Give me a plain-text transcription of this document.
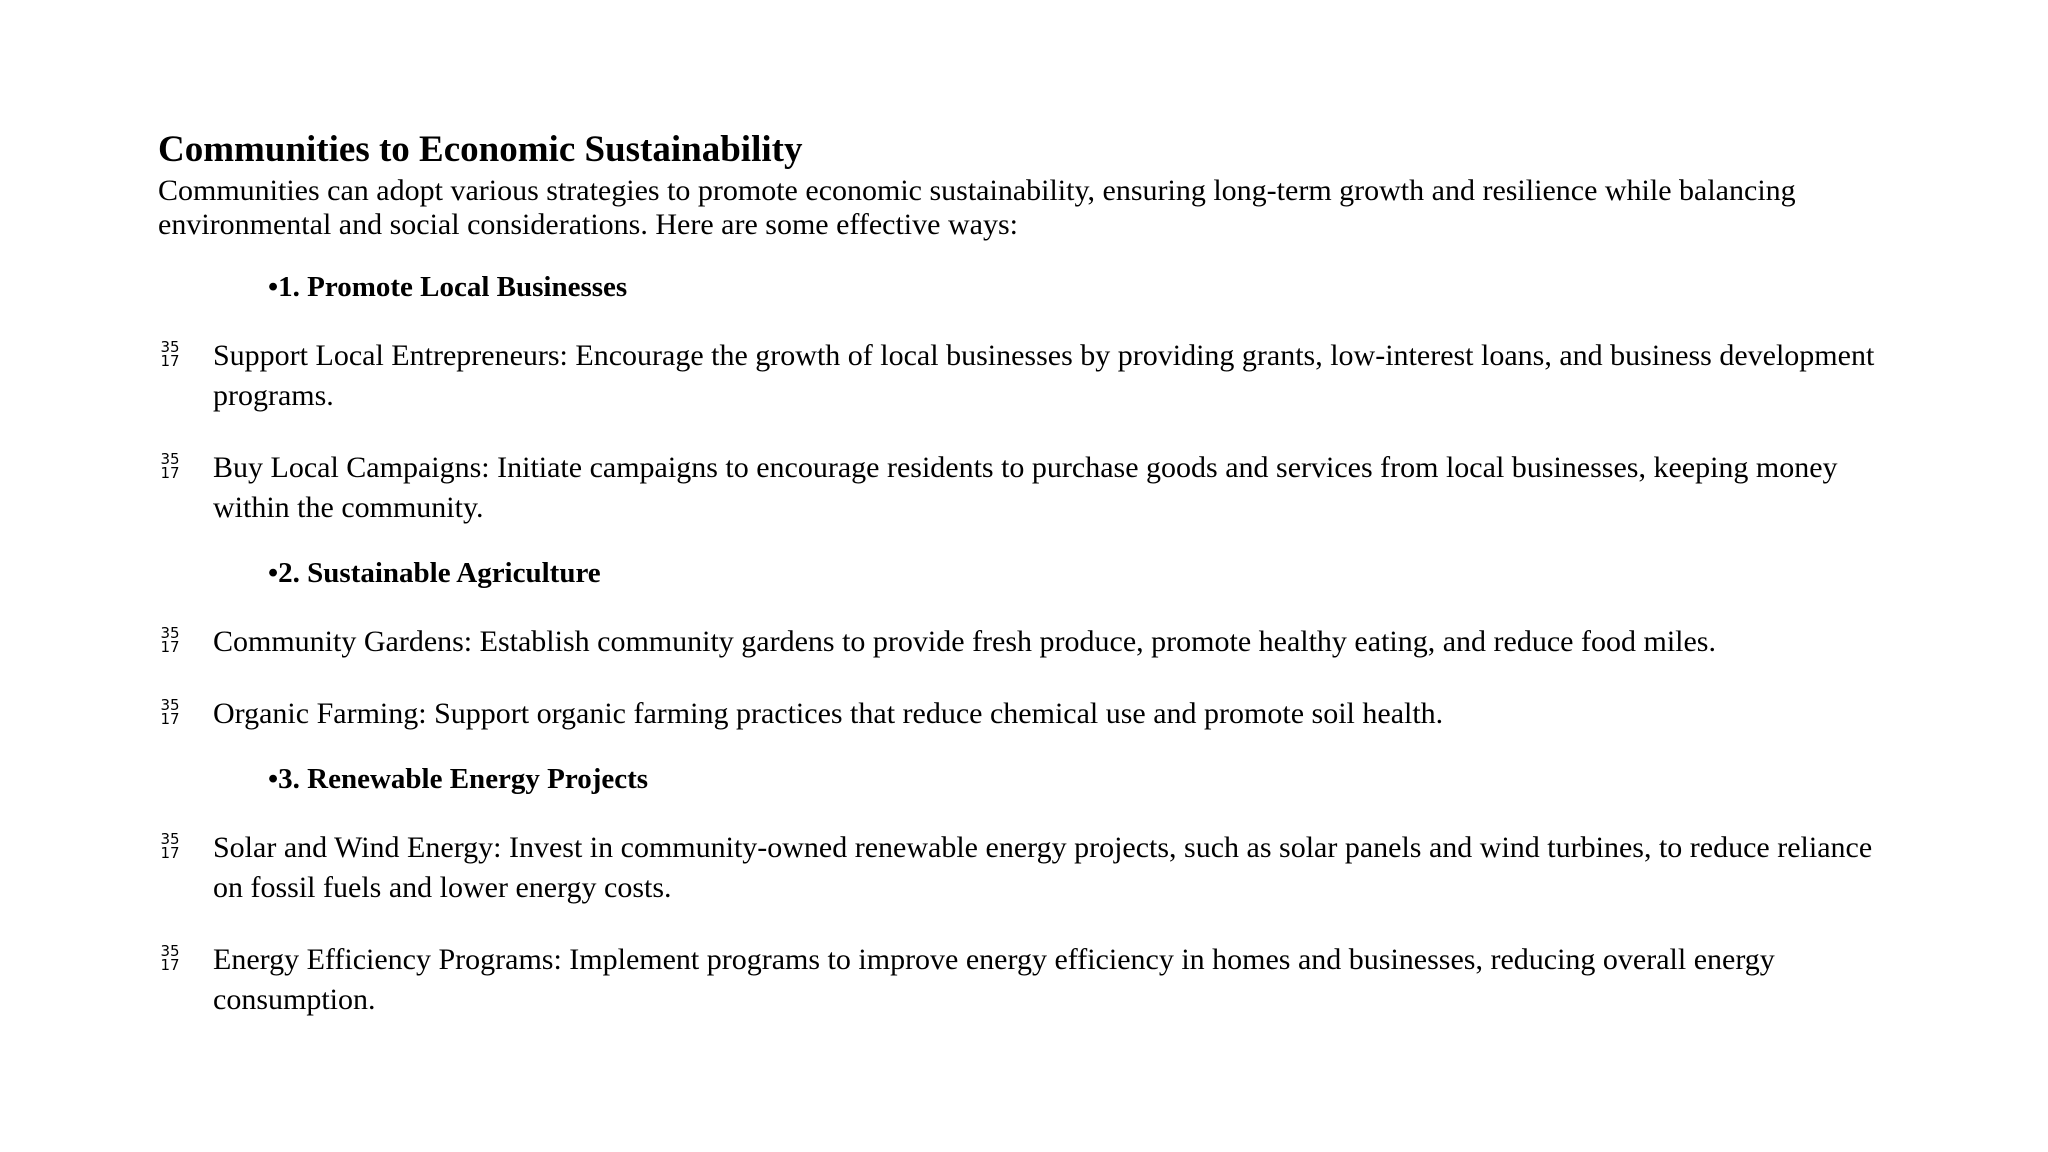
Communities to Economic Sustainability

Communities can adopt various strategies to promote economic sustainability, ensuring long-term growth and resilience while balancing environmental and social considerations. Here are some effective ways:

•1. Promote Local Businesses
35
17 Support Local Entrepreneurs: Encourage the growth of local businesses by providing grants, low-interest loans, and business development programs.
35
17 Buy Local Campaigns: Initiate campaigns to encourage residents to purchase goods and services from local businesses, keeping money within the community.
•2. Sustainable Agriculture
35
17 Community Gardens: Establish community gardens to provide fresh produce, promote healthy eating, and reduce food miles.
35
17 Organic Farming: Support organic farming practices that reduce chemical use and promote soil health.
•3. Renewable Energy Projects
35
17 Solar and Wind Energy: Invest in community-owned renewable energy projects, such as solar panels and wind turbines, to reduce reliance on fossil fuels and lower energy costs.
35
17 Energy Efficiency Programs: Implement programs to improve energy efficiency in homes and businesses, reducing overall energy consumption.
